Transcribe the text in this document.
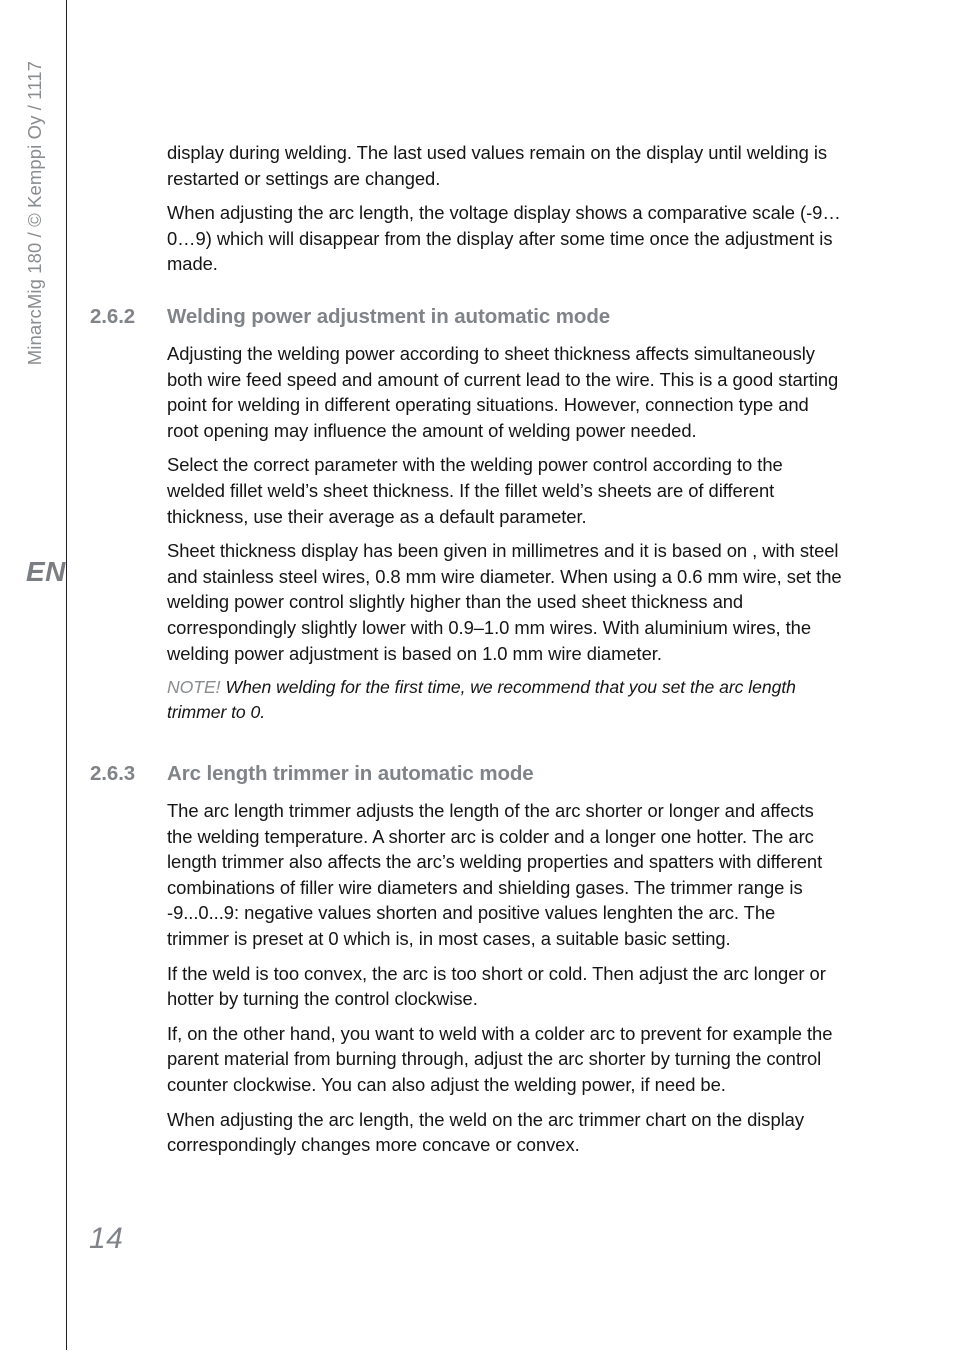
MinarcMig 180 / © Kemppi Oy / 1117
EN
14

display during welding. The last used values remain on the display until welding is restarted or settings are changed.

When adjusting the arc length, the voltage display shows a comparative scale (-9…0…9) which will disappear from the display after some time once the adjustment is made.

2.6.2 Welding power adjustment in automatic mode

Adjusting the welding power according to sheet thickness affects simultaneously both wire feed speed and amount of current lead to the wire. This is a good starting point for welding in different operating situations. However, connection type and root opening may influence the amount of welding power needed.

Select the correct parameter with the welding power control according to the welded fillet weld’s sheet thickness. If the fillet weld’s sheets are of different thickness, use their average as a default parameter.

Sheet thickness display has been given in millimetres and it is based on , with steel and stainless steel wires, 0.8 mm wire diameter. When using a 0.6 mm wire, set the welding power control slightly higher than the used sheet thickness and correspondingly slightly lower with 0.9–1.0 mm wires. With aluminium wires, the welding power adjustment is based on 1.0 mm wire diameter.

NOTE! When welding for the first time, we recommend that you set the arc length trimmer to 0.

2.6.3 Arc length trimmer in automatic mode

The arc length trimmer adjusts the length of the arc shorter or longer and affects the welding temperature. A shorter arc is colder and a longer one hotter. The arc length trimmer also affects the arc’s welding properties and spatters with different combinations of filler wire diameters and shielding gases. The trimmer range is -9...0...9: negative values shorten and positive values lenghten the arc. The trimmer is preset at 0 which is, in most cases, a suitable basic setting.

If the weld is too convex, the arc is too short or cold. Then adjust the arc longer or hotter by turning the control clockwise.

If, on the other hand, you want to weld with a colder arc to prevent for example the parent material from burning through, adjust the arc shorter by turning the control counter clockwise. You can also adjust the welding power, if need be.

When adjusting the arc length, the weld on the arc trimmer chart on the display correspondingly changes more concave or convex.
